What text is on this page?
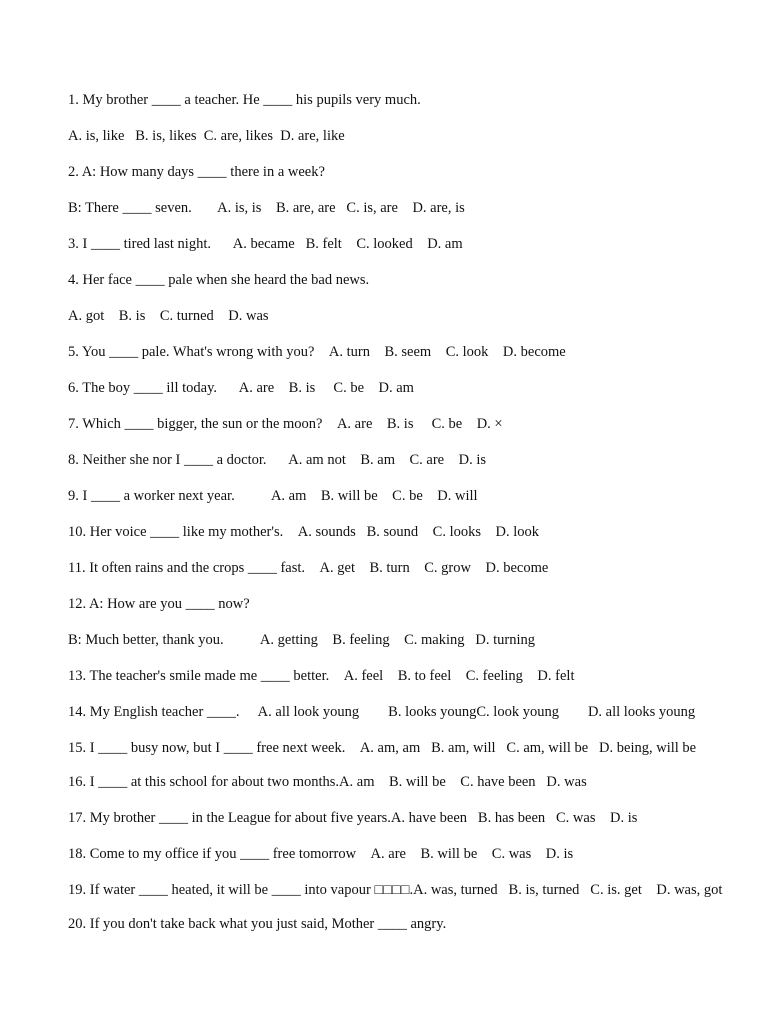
1. My brother ____ a teacher. He ____ his pupils very much.
A. is, like   B. is, likes  C. are, likes  D. are, like
2. A: How many days ____ there in a week?
B: There ____ seven.       A. is, is    B. are, are   C. is, are    D. are, is
3. I ____ tired last night.      A. became   B. felt    C. looked    D. am
4. Her face ____ pale when she heard the bad news.
A. got    B. is    C. turned    D. was
5. You ____ pale. What's wrong with you?    A. turn    B. seem    C. look    D. become
6. The boy ____ ill today.      A. are    B. is     C. be    D. am
7. Which ____ bigger, the sun or the moon?    A. are    B. is     C. be    D. ×
8. Neither she nor I ____ a doctor.      A. am not    B. am    C. are    D. is
9. I ____ a worker next year.          A. am    B. will be    C. be    D. will
10. Her voice ____ like my mother's.    A. sounds   B. sound    C. looks    D. look
11. It often rains and the crops ____ fast.    A. get    B. turn    C. grow    D. become
12. A: How are you ____ now?
B: Much better, thank you.          A. getting    B. feeling    C. making   D. turning
13. The teacher's smile made me ____ better.    A. feel    B. to feel    C. feeling    D. felt
14. My English teacher ____.     A. all look young        B. looks youngC. look young        D. all looks young
15. I ____ busy now, but I ____ free next week.    A. am, am   B. am, will   C. am, will be   D. being, will be
16. I ____ at this school for about two months.A. am    B. will be    C. have been   D. was
17. My brother ____ in the League for about five years.A. have been   B. has been   C. was    D. is
18. Come to my office if you ____ free tomorrow    A. are    B. will be    C. was    D. is
19. If water ____ heated, it will be ____ into vapour □□□□.A. was, turned   B. is, turned   C. is. get    D. was, got
20. If you don't take back what you just said, Mother ____ angry.
